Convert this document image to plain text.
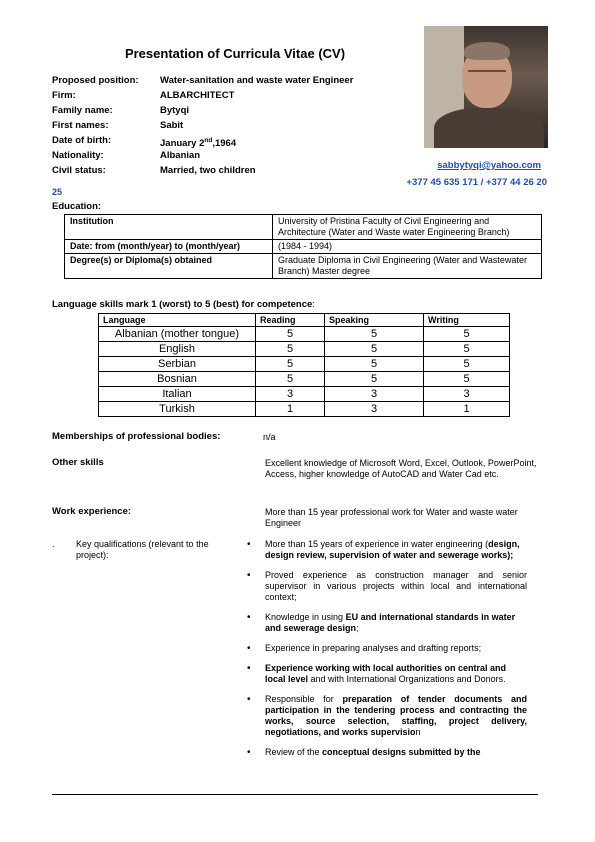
Presentation of Curricula Vitae (CV)
Proposed position:	Water-sanitation and waste water Engineer
Firm:	ALBARCHITECT
Family name:	Bytyqi
First names:	Sabit
Date of birth:	January 2nd,1964
Nationality:	Albanian
Civil status:	Married, two children	sabbytyqi@yahoo.com
+377 45 635 171 / +377 44 26 20
25
Education:
Institution	University of Pristina Faculty of Civil Engineering and Architecture (Water and Waste water Engineering Branch)
Date: from (month/year) to (month/year)	(1984 - 1994)
Degree(s) or Diploma(s) obtained	Graduate Diploma in Civil Engineering (Water and Wastewater Branch) Master degree
Language skills mark 1 (worst) to 5 (best) for competence:
Language	Reading	Speaking	Writing
Albanian (mother tongue)	5	5	5
English	5	5	5
Serbian	5	5	5
Bosnian	5	5	5
Italian	3	3	3
Turkish	1	3	1
Memberships of professional bodies:	n/a
Other skills	Excellent knowledge of Microsoft Word, Excel, Outlook, PowerPoint, Access, higher knowledge of AutoCAD and Water Cad etc.
Work experience:	More than 15 year professional work for Water and waste water Engineer
.	Key qualifications (relevant to the project):
• More than 15 years of experience in water engineering (design, design review, supervision of water and sewerage works);
• Proved experience as construction manager and senior supervisor in various projects within local and international context;
• Knowledge in using EU and international standards in water and sewerage design;
• Experience in preparing analyses and drafting reports;
• Experience working with local authorities on central and local level and with International Organizations and Donors.
• Responsible for preparation of tender documents and participation in the tendering process and contracting the works, source selection, staffing, project delivery, negotiations, and works supervision
• Review of the conceptual designs submitted by the
